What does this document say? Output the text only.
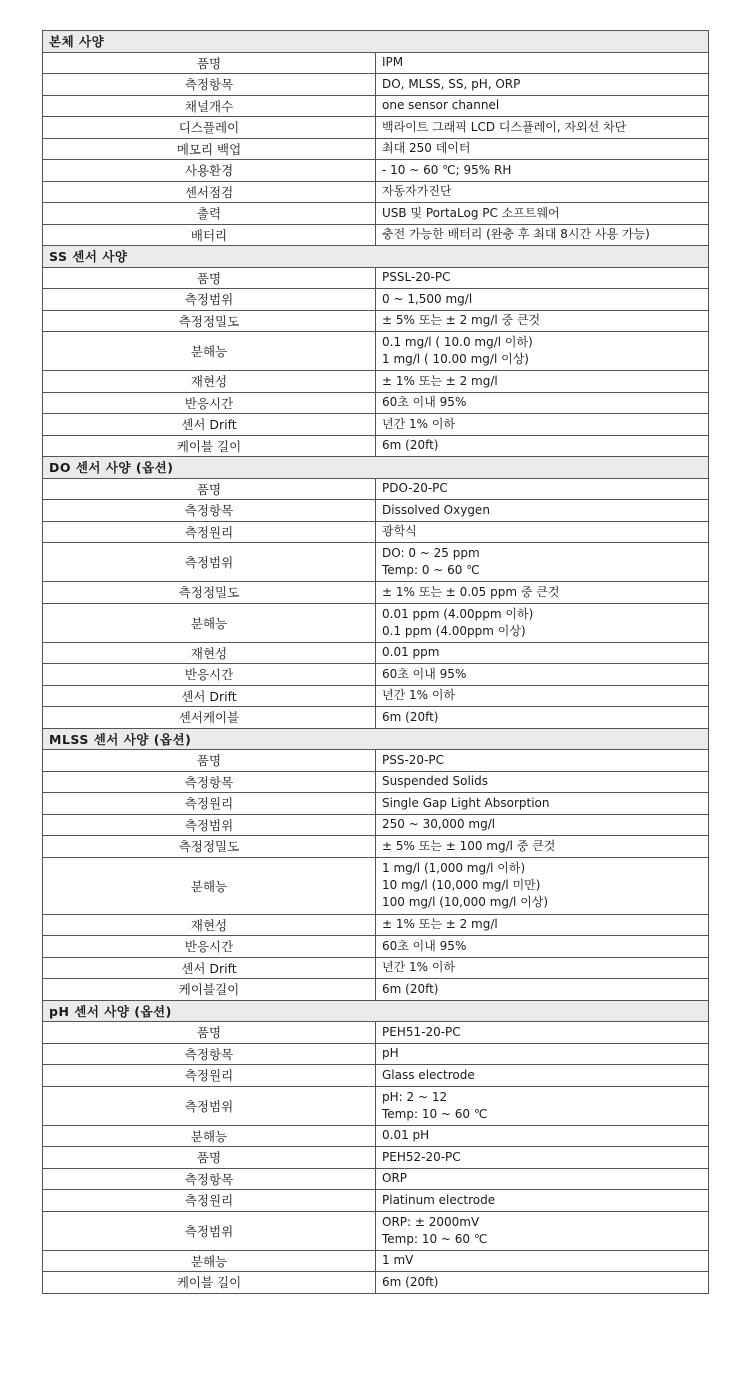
본체 사양	
품명	IPM

측정항목	DO, MLSS, SS, pH, ORP

채널개수	one sensor channel

디스플레이	백라이트 그래픽 LCD 디스플레이, 자외선 차단

메모리 백업	최대 250 데이터

사용환경	- 10 ~ 60 ℃; 95% RH

센서점검	자동자가진단

출력	USB 및 PortaLog PC 소프트웨어

배터리	충전 가능한 배터리 (완충 후 최대 8시간 사용 가능)

SS 센서 사양	
품명	PSSL-20-PC

측정범위	0 ~ 1,500 mg/l

측정정밀도	± 5% 또는 ± 2 mg/l 중 큰것

분해능	0.1 mg/l ( 10.0 mg/l 이하)
1 mg/l ( 10.00 mg/l 이상)

재현성	± 1% 또는 ± 2 mg/l

반응시간	60초 이내 95%

센서 Drift	년간 1% 이하

케이블 길이	6m (20ft)

DO 센서 사양 (옵션)	
품명	PDO-20-PC

측정항목	Dissolved Oxygen

측정원리	광학식

측정범위	DO: 0 ~ 25 ppm
Temp: 0 ~ 60 ℃

측정정밀도	± 1% 또는 ± 0.05 ppm 중 큰것

분해능	0.01 ppm (4.00ppm 이하)
0.1 ppm (4.00ppm 이상)

재현성	0.01 ppm

반응시간	60초 이내 95%

센서 Drift	년간 1% 이하

센서케이블	6m (20ft)

MLSS 센서 사양 (옵션)	
품명	PSS-20-PC

측정항목	Suspended Solids

측정원리	Single Gap Light Absorption

측정범위	250 ~ 30,000 mg/l

측정정밀도	± 5% 또는 ± 100 mg/l 중 큰것

분해능	1 mg/l (1,000 mg/l 이하)
10 mg/l (10,000 mg/l 미만)
100 mg/l (10,000 mg/l 이상)

재현성	± 1% 또는 ± 2 mg/l

반응시간	60초 이내 95%

센서 Drift	년간 1% 이하

케이블길이	6m (20ft)

pH 센서 사양 (옵션)	
품명	PEH51-20-PC

측정항목	pH

측정원리	Glass electrode

측정범위	pH: 2 ~ 12
Temp: 10 ~ 60 ℃

분해능	0.01 pH

품명	PEH52-20-PC

측정항목	ORP

측정원리	Platinum electrode

측정범위	ORP: ± 2000mV
Temp: 10 ~ 60 ℃

분해능	1 mV

케이블 길이	6m (20ft)
